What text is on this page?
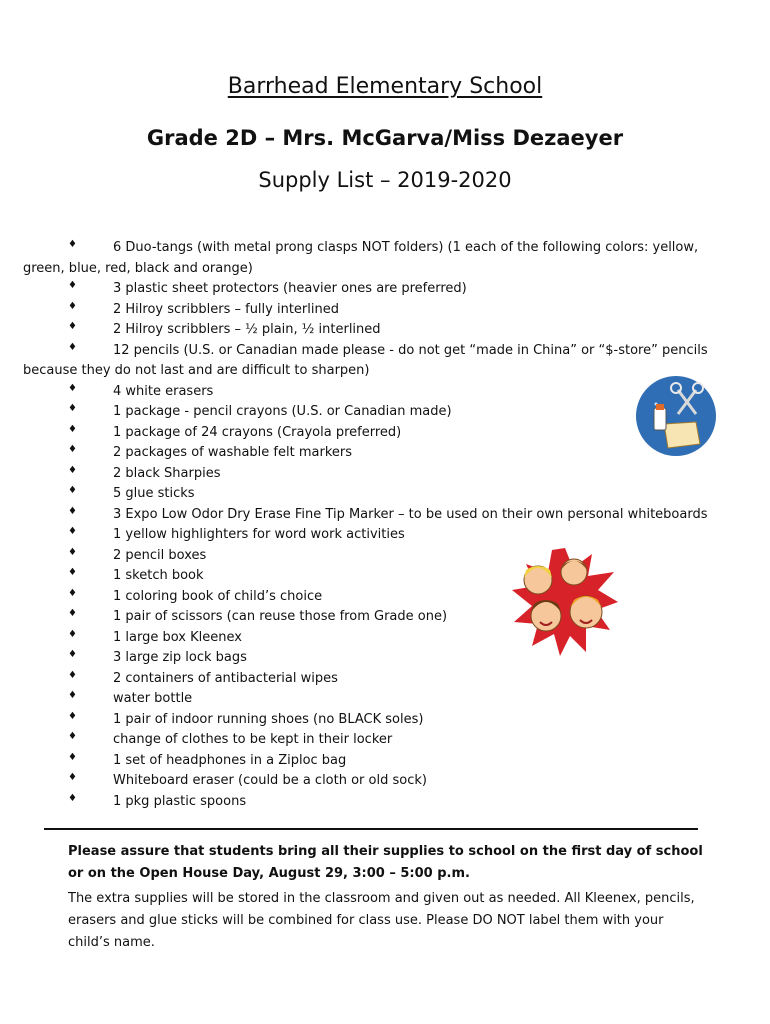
Barrhead Elementary School
Grade 2D – Mrs. McGarva/Miss Dezaeyer
Supply List – 2019-2020
♦	6 Duo-tangs (with metal prong clasps NOT folders) (1 each of the following colors: yellow,
green, blue, red, black and orange)
♦	3 plastic sheet protectors (heavier ones are preferred)
♦	2 Hilroy scribblers – fully interlined
♦	2 Hilroy scribblers – ½ plain, ½ interlined
♦	12 pencils (U.S. or Canadian made please - do not get “made in China” or “$-store” pencils
because they do not last and are difficult to sharpen)
♦	4 white erasers
♦	1 package - pencil crayons (U.S. or Canadian made)
♦	1 package of 24 crayons (Crayola preferred)
♦	2 packages of washable felt markers
♦	2 black Sharpies
♦	5 glue sticks
♦	3 Expo Low Odor Dry Erase Fine Tip Marker – to be used on their own personal whiteboards
♦	1 yellow highlighters for word work activities
♦	2 pencil boxes
♦	1 sketch book
♦	1 coloring book of child’s choice
♦	1 pair of scissors (can reuse those from Grade one)
♦	1 large box Kleenex
♦	3 large zip lock bags
♦	2 containers of antibacterial wipes
♦	water bottle
♦	1 pair of indoor running shoes (no BLACK soles)
♦	change of clothes to be kept in their locker
♦	1 set of headphones in a Ziploc bag
♦	Whiteboard eraser (could be a cloth or old sock)
♦	1 pkg plastic spoons
Please assure that students bring all their supplies to school on the first day of school or on the Open House Day, August 29, 3:00 – 5:00 p.m.
The extra supplies will be stored in the classroom and given out as needed. All Kleenex, pencils, erasers and glue sticks will be combined for class use. Please DO NOT label them with your child’s name.
